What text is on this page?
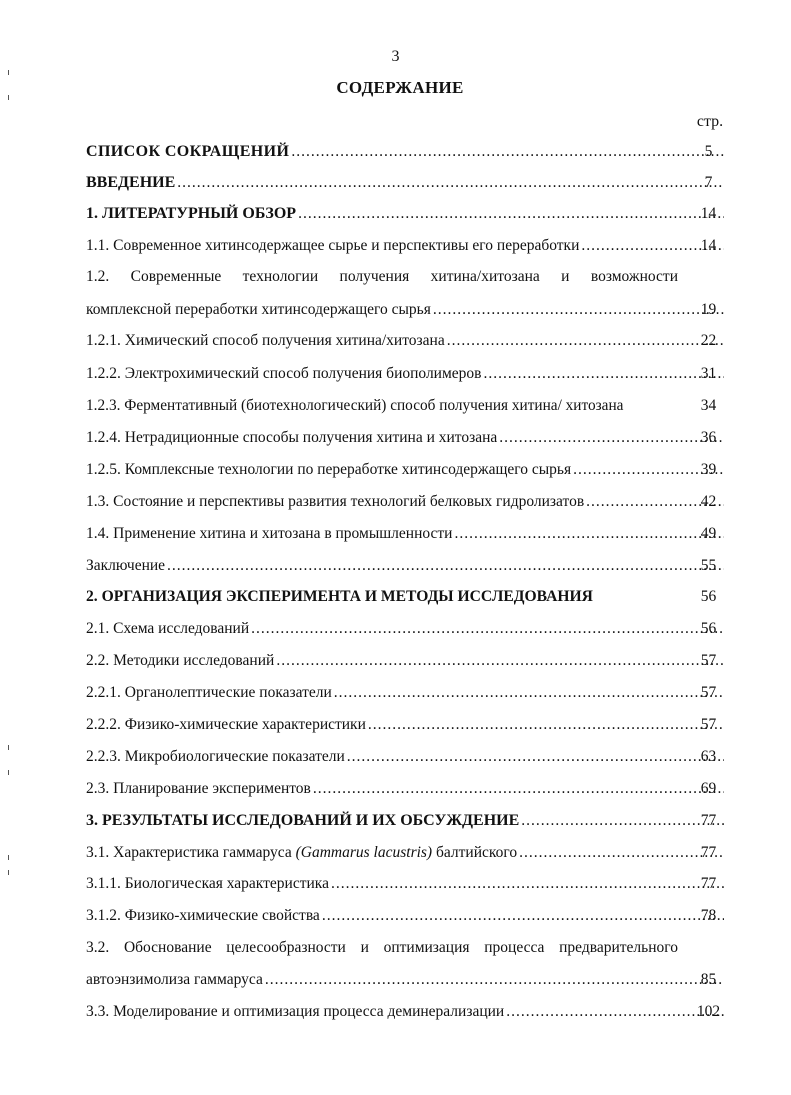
3
СОДЕРЖАНИЕ
стр.
СПИСОК СОКРАЩЕНИЙ .....	5
ВВЕДЕНИЕ .....	7
1. ЛИТЕРАТУРНЫЙ ОБЗОР .....	14
1.1. Современное хитинсодержащее сырье и перспективы его переработки .....	14
1.2. Современные технологии получения хитина/хитозана и возможности
комплексной переработки хитинсодержащего сырья .....	19
1.2.1. Химический способ получения хитина/хитозана .....	22
1.2.2. Электрохимический способ получения биополимеров .....	31
1.2.3. Ферментативный (биотехнологический) способ получения хитина/ хитозана	34
1.2.4. Нетрадиционные способы получения хитина и хитозана .....	36
1.2.5. Комплексные технологии по переработке хитинсодержащего сырья .....	39
1.3. Состояние и перспективы развития технологий белковых гидролизатов .....	42
1.4. Применение хитина и хитозана в промышленности .....	49
Заключение .....	55
2. ОРГАНИЗАЦИЯ ЭКСПЕРИМЕНТА И МЕТОДЫ ИССЛЕДОВАНИЯ	56
2.1. Схема исследований .....	56
2.2. Методики исследований .....	57
2.2.1. Органолептические показатели .....	57
2.2.2. Физико-химические характеристики .....	57
2.2.3. Микробиологические показатели .....	63
2.3. Планирование экспериментов .....	69
3. РЕЗУЛЬТАТЫ ИССЛЕДОВАНИЙ И ИХ ОБСУЖДЕНИЕ .....	77
3.1. Характеристика гаммаруса (Gammarus lacustris) балтийского .....	77
3.1.1. Биологическая характеристика .....	77
3.1.2. Физико-химические свойства .....	78
3.2. Обоснование целесообразности и оптимизация процесса предварительного
автоэнзимолиза гаммаруса .....	85
3.3. Моделирование и оптимизация процесса деминерализации .....	102
